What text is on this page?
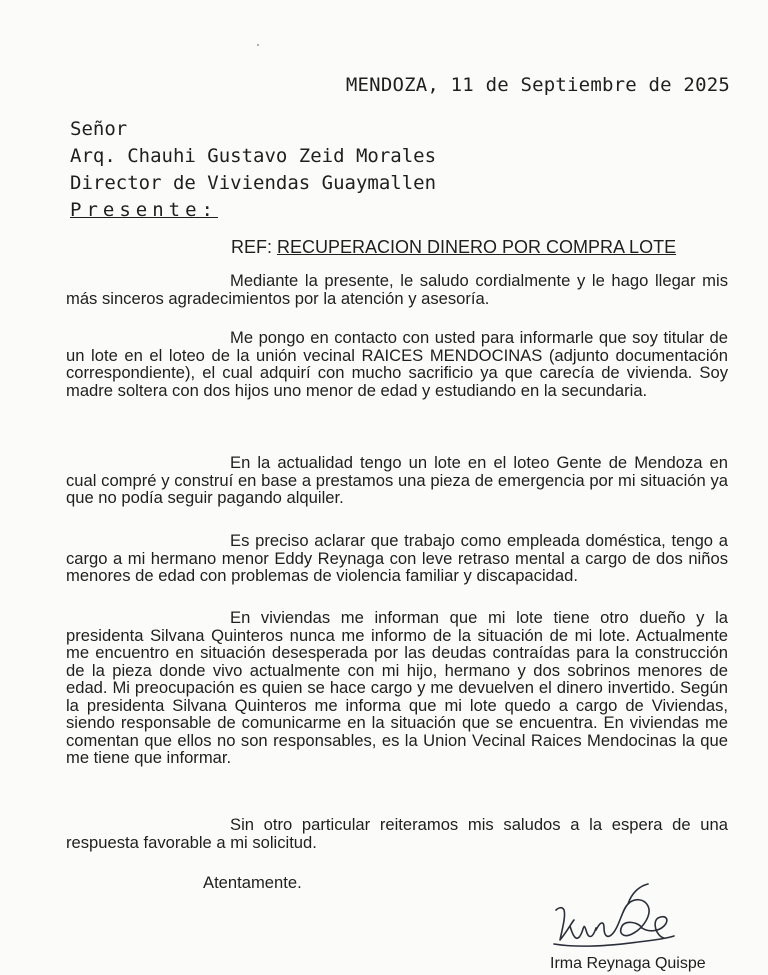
MENDOZA, 11 de Septiembre de 2025
Señor
Arq. Chauhi Gustavo Zeid Morales
Director de Viviendas Guaymallen
Presente:
REF: RECUPERACION DINERO POR COMPRA LOTE

Mediante la presente, le saludo cordialmente y le hago llegar mis más sinceros agradecimientos por la atención y asesoría.

Me pongo en contacto con usted para informarle que soy titular de un lote en el loteo de la unión vecinal RAICES MENDOCINAS (adjunto documentación correspondiente), el cual adquirí con mucho sacrificio ya que carecía de vivienda. Soy madre soltera con dos hijos uno menor de edad y estudiando en la secundaria.

En la actualidad tengo un lote en el loteo Gente de Mendoza en cual compré y construí en base a prestamos una pieza de emergencia por mi situación ya que no podía seguir pagando alquiler.

Es preciso aclarar que trabajo como empleada doméstica, tengo a cargo a mi hermano menor Eddy Reynaga con leve retraso mental a cargo de dos niños menores de edad con problemas de violencia familiar y discapacidad.

En viviendas me informan que mi lote tiene otro dueño y la presidenta Silvana Quinteros nunca me informo de la situación de mi lote. Actualmente me encuentro en situación desesperada por las deudas contraídas para la construcción de la pieza donde vivo actualmente con mi hijo, hermano y dos sobrinos menores de edad. Mi preocupación es quien se hace cargo y me devuelven el dinero invertido. Según la presidenta Silvana Quinteros me informa que mi lote quedo a cargo de Viviendas, siendo responsable de comunicarme en la situación que se encuentra. En viviendas me comentan que ellos no son responsables, es la Union Vecinal Raices Mendocinas la que me tiene que informar.

Sin otro particular reiteramos mis saludos a la espera de una respuesta favorable a mi solicitud.

Atentamente.
Irma Reynaga Quispe
